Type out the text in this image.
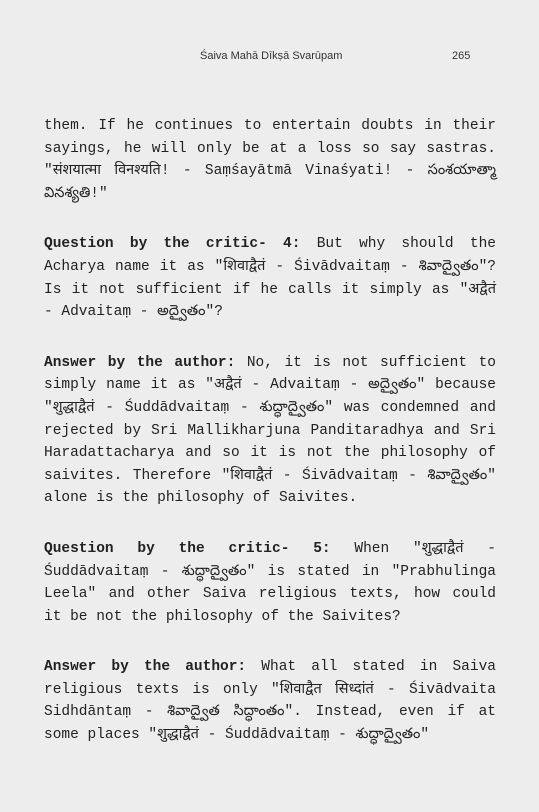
Śaiva Mahā Dīkṣā Svarūpam	265

them. If he continues to entertain doubts in their sayings, he will only be at a loss so say sastras. "संशयात्मा विनश्यति! - Saṃśayātmā Vinaśyati! - సంశయాత్మా వినశ్యతి!"

Question by the critic- 4: But why should the Acharya name it as "शिवाद्वैतं - Śivādvaitaṃ - శివాద్వైతం"? Is it not sufficient if he calls it simply as "अद्वैतं - Advaitaṃ - అద్వైతం"?

Answer by the author: No, it is not sufficient to simply name it as "अद्वैतं - Advaitaṃ - అద్వైతం" because "शुद्धाद्वैतं - Śuddādvaitaṃ - శుద్ధాద్వైతం" was condemned and rejected by Sri Mallikharjuna Panditaradhya and Sri Haradattacharya and so it is not the philosophy of saivites. Therefore "शिवाद्वैतं - Śivādvaitaṃ - శివాద్వైతం" alone is the philosophy of Saivites.

Question by the critic- 5: When "शुद्धाद्वैतं - Śuddādvaitaṃ - శుద్ధాద్వైతం" is stated in "Prabhulinga Leela" and other Saiva religious texts, how could it be not the philosophy of the Saivites?

Answer by the author: What all stated in Saiva religious texts is only "शिवाद्वैत सिध्दांतं - Śivādvaita Sidhdāntaṃ - శివాద్వైత సిద్ధాంతం". Instead, even if at some places "शुद्धाद्वैतं - Śuddādvaitaṃ - శుద్ధాద్వైతం"
